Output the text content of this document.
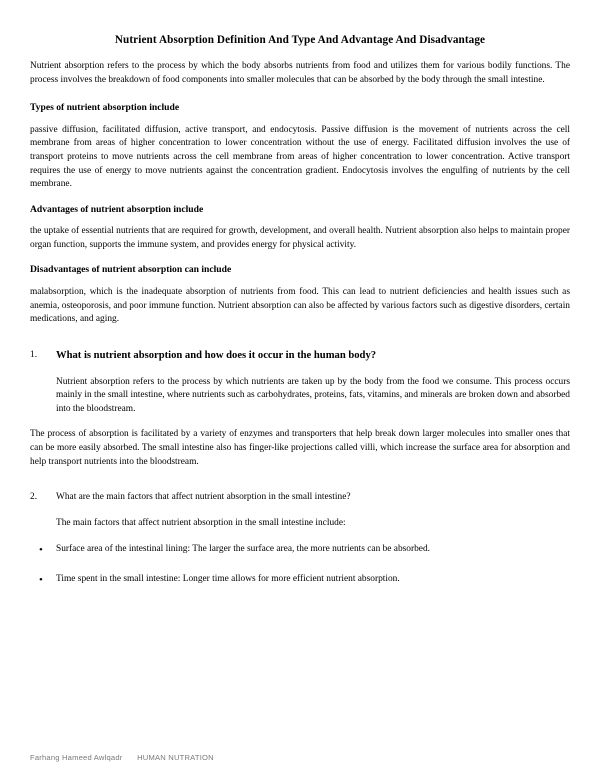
Nutrient Absorption Definition And Type And Advantage And Disadvantage

Nutrient absorption refers to the process by which the body absorbs nutrients from food and utilizes them for various bodily functions. The process involves the breakdown of food components into smaller molecules that can be absorbed by the body through the small intestine.

Types of nutrient absorption include

passive diffusion, facilitated diffusion, active transport, and endocytosis. Passive diffusion is the movement of nutrients across the cell membrane from areas of higher concentration to lower concentration without the use of energy. Facilitated diffusion involves the use of transport proteins to move nutrients across the cell membrane from areas of higher concentration to lower concentration. Active transport requires the use of energy to move nutrients against the concentration gradient. Endocytosis involves the engulfing of nutrients by the cell membrane.

Advantages of nutrient absorption include

the uptake of essential nutrients that are required for growth, development, and overall health. Nutrient absorption also helps to maintain proper organ function, supports the immune system, and provides energy for physical activity.

Disadvantages of nutrient absorption can include

malabsorption, which is the inadequate absorption of nutrients from food. This can lead to nutrient deficiencies and health issues such as anemia, osteoporosis, and poor immune function. Nutrient absorption can also be affected by various factors such as digestive disorders, certain medications, and aging.

1.	What is nutrient absorption and how does it occur in the human body?

Nutrient absorption refers to the process by which nutrients are taken up by the body from the food we consume. This process occurs mainly in the small intestine, where nutrients such as carbohydrates, proteins, fats, vitamins, and minerals are broken down and absorbed into the bloodstream.

The process of absorption is facilitated by a variety of enzymes and transporters that help break down larger molecules into smaller ones that can be more easily absorbed. The small intestine also has finger-like projections called villi, which increase the surface area for absorption and help transport nutrients into the bloodstream.

2.	What are the main factors that affect nutrient absorption in the small intestine?

The main factors that affect nutrient absorption in the small intestine include:

•	Surface area of the intestinal lining: The larger the surface area, the more nutrients can be absorbed.
•	Time spent in the small intestine: Longer time allows for more efficient nutrient absorption.
Farhang Hameed Awlqadr HUMAN NUTRATION
